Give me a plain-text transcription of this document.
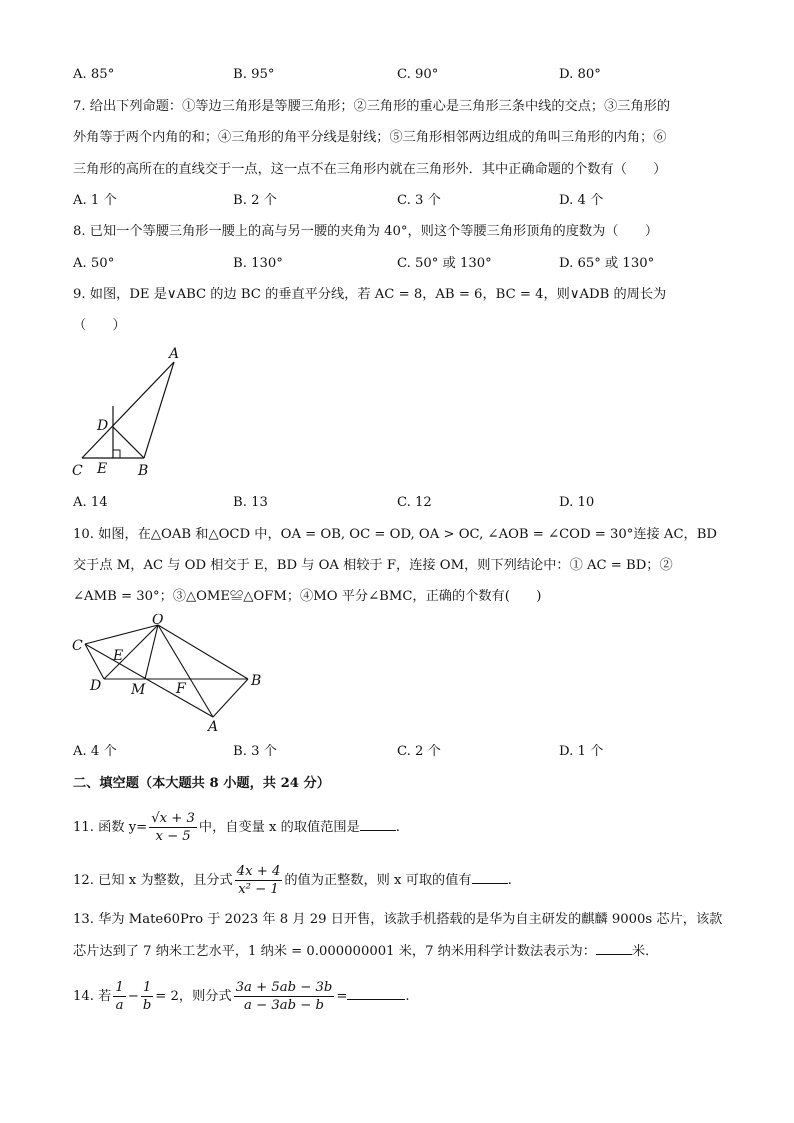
A. 85°	B. 95°	C. 90°	D. 80°
7. 给出下列命题：①等边三角形是等腰三角形；②三角形的重心是三角形三条中线的交点；③三角形的
外角等于两个内角的和；④三角形的角平分线是射线；⑤三角形相邻两边组成的角叫三角形的内角；⑥
三角形的高所在的直线交于一点，这一点不在三角形内就在三角形外．其中正确命题的个数有（　　）
A. 1 个	B. 2 个	C. 3 个	D. 4 个
8. 已知一个等腰三角形一腰上的高与另一腰的夹角为 40°，则这个等腰三角形顶角的度数为（　　）
A. 50°	B. 130°	C. 50° 或 130°	D. 65° 或 130°
9. 如图，DE 是∨ABC 的边 BC 的垂直平分线，若 AC = 8，AB = 6，BC = 4，则∨ADB 的周长为
（　　）
A
D
C E B
A. 14	B. 13	C. 12	D. 10
10. 如图，在△OAB 和△OCD 中，OA = OB, OC = OD, OA > OC, ∠AOB = ∠COD = 30°连接 AC，BD
交于点 M，AC 与 OD 相交于 E，BD 与 OA 相较于 F，连接 OM，则下列结论中：① AC = BD；②
∠AMB = 30°；③△OME≌△OFM；④MO 平分∠BMC，正确的个数有(　　)
O
C
E
B
D M F
A
A. 4 个	B. 3 个	C. 2 个	D. 1 个
二、填空题（本大题共 8 小题，共 24 分）
11. 函数 $y= \frac{√x + 3}{x - 5}$ 中，自变量 x 的取值范围是	.
12. 已知 x 为整数，且分式 $\frac{4x + 4}{\text{x² − 1}}$ 的值为正整数，则 x 可取的值有	.
13. 华为 Mate60Pro 于 2023 年 8 月 29 日开售，该款手机搭载的是华为自主研发的麒麟 9000s 芯片，该款
芯片达到了 7 纳米工艺水平，1 纳米 = 0.000000001 米，7 纳米用科学计数法表示为：	米．
14. 若 $\frac{1}{a} - \frac{1}{b} = 2$，则分式 $\frac{3a + 5ab - 3b}{a - 3ab - b}$ =	.
